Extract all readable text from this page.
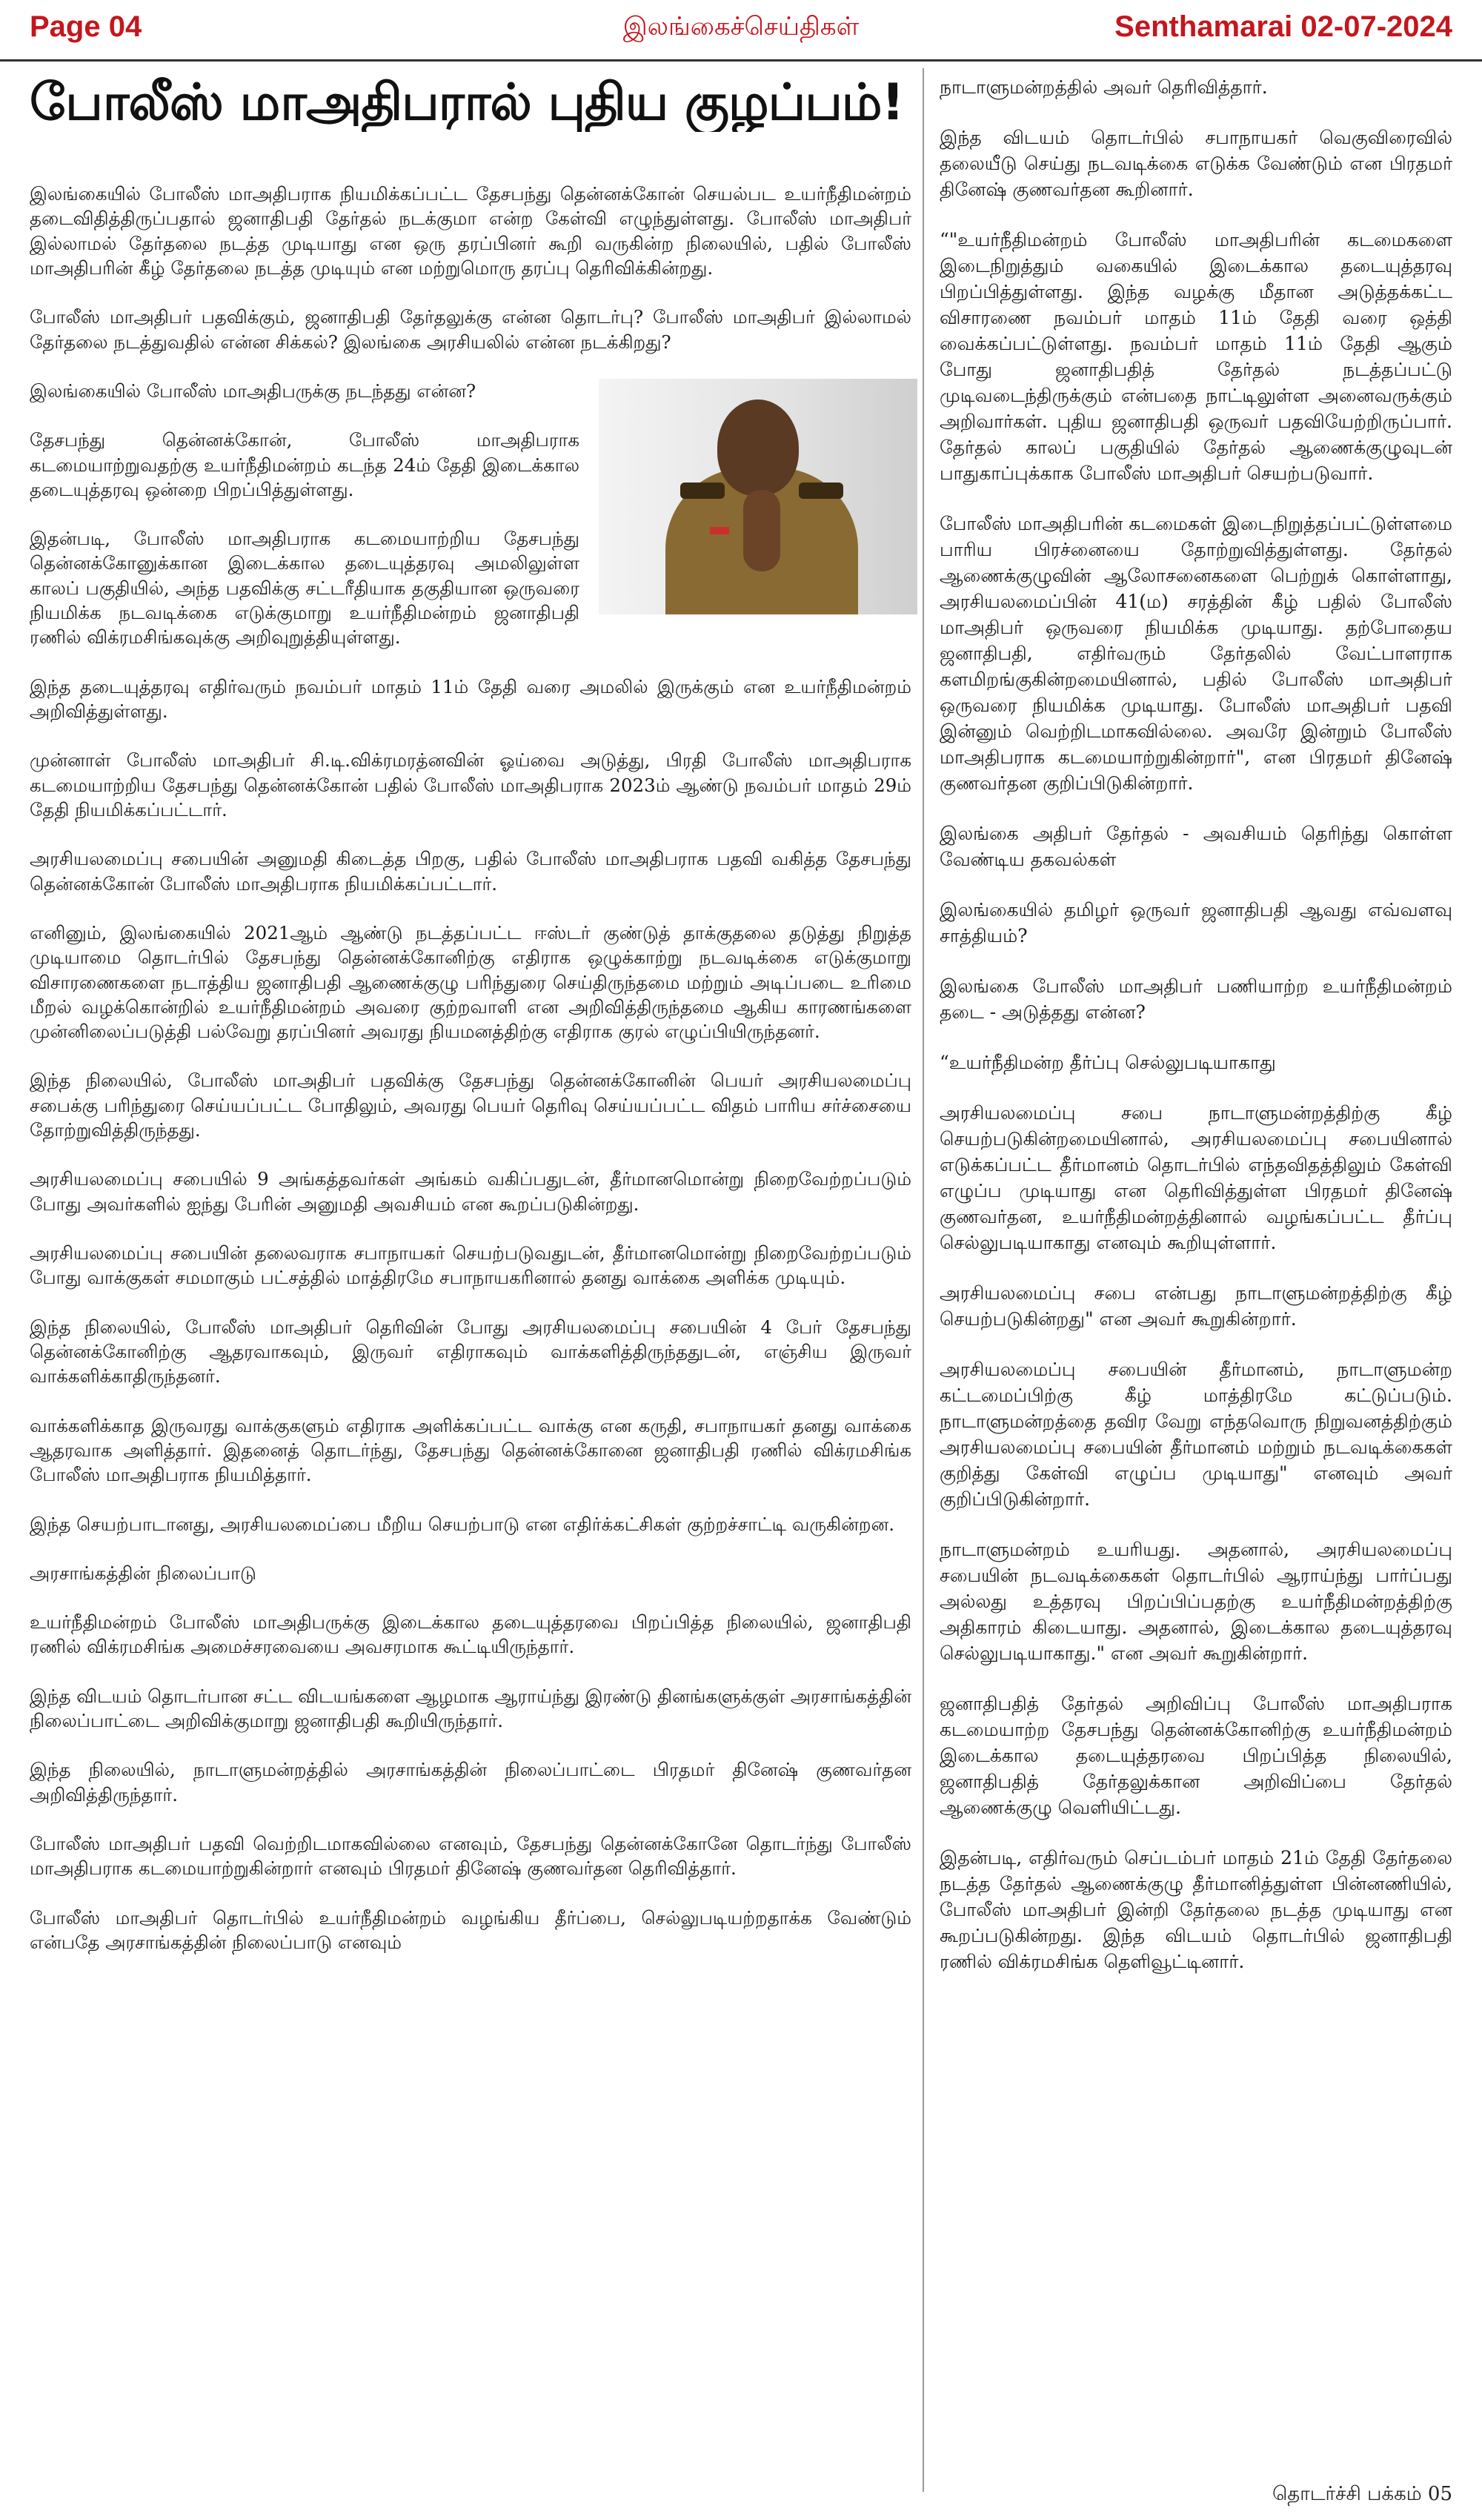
Page 04	இலங்கைச்செய்திகள்	Senthamarai 02-07-2024
போலீஸ் மாஅதிபரால் புதிய குழப்பம்!

இலங்கையில் போலீஸ் மாஅதிபராக நியமிக்கப்பட்ட தேசபந்து தென்னக்கோன் செயல்பட உயர்நீதிமன்றம் தடைவிதித்திருப்பதால் ஜனாதிபதி தேர்தல் நடக்குமா என்ற கேள்வி எழுந்துள்ளது. போலீஸ் மாஅதிபர் இல்லாமல் தேர்தலை நடத்த முடியாது என ஒரு தரப்பினர் கூறி வருகின்ற நிலையில், பதில் போலீஸ் மாஅதிபரின் கீழ் தேர்தலை நடத்த முடியும் என மற்றுமொரு தரப்பு தெரிவிக்கின்றது.

போலீஸ் மாஅதிபர் பதவிக்கும், ஜனாதிபதி தேர்தலுக்கு என்ன தொடர்பு? போலீஸ் மாஅதிபர் இல்லாமல் தேர்தலை நடத்துவதில் என்ன சிக்கல்? இலங்கை அரசியலில் என்ன நடக்கிறது?

இலங்கையில் போலீஸ் மாஅதிபருக்கு நடந்தது என்ன?

தேசபந்து தென்னக்கோன், போலீஸ் மாஅதிபராக கடமையாற்றுவதற்கு உயர்நீதிமன்றம் கடந்த 24ம் தேதி இடைக்கால தடையுத்தரவு ஒன்றை பிறப்பித்துள்ளது.

இதன்படி, போலீஸ் மாஅதிபராக கடமையாற்றிய தேசபந்து தென்னக்கோனுக்கான இடைக்கால தடையுத்தரவு அமலிலுள்ள காலப் பகுதியில், அந்த பதவிக்கு சட்டரீதியாக தகுதியான ஒருவரை நியமிக்க நடவடிக்கை எடுக்குமாறு உயர்நீதிமன்றம் ஜனாதிபதி ரணில் விக்ரமசிங்கவுக்கு அறிவுறுத்தியுள்ளது.

இந்த தடையுத்தரவு எதிர்வரும் நவம்பர் மாதம் 11ம் தேதி வரை அமலில் இருக்கும் என உயர்நீதிமன்றம் அறிவித்துள்ளது.

முன்னாள் போலீஸ் மாஅதிபர் சி.டி.விக்ரமரத்னவின் ஓய்வை அடுத்து, பிரதி போலீஸ் மாஅதிபராக கடமையாற்றிய தேசபந்து தென்னக்கோன் பதில் போலீஸ் மாஅதிபராக 2023ம் ஆண்டு நவம்பர் மாதம் 29ம் தேதி நியமிக்கப்பட்டார்.

அரசியலமைப்பு சபையின் அனுமதி கிடைத்த பிறகு, பதில் போலீஸ் மாஅதிபராக பதவி வகித்த தேசபந்து தென்னக்கோன் போலீஸ் மாஅதிபராக நியமிக்கப்பட்டார்.

எனினும், இலங்கையில் 2021ஆம் ஆண்டு நடத்தப்பட்ட ஈஸ்டர் குண்டுத் தாக்குதலை தடுத்து நிறுத்த முடியாமை தொடர்பில் தேசபந்து தென்னக்கோனிற்கு எதிராக ஒழுக்காற்று நடவடிக்கை எடுக்குமாறு விசாரணைகளை நடாத்திய ஜனாதிபதி ஆணைக்குழு பரிந்துரை செய்திருந்தமை மற்றும் அடிப்படை உரிமை மீறல் வழக்கொன்றில் உயர்நீதிமன்றம் அவரை குற்றவாளி என அறிவித்திருந்தமை ஆகிய காரணங்களை முன்னிலைப்படுத்தி பல்வேறு தரப்பினர் அவரது நியமனத்திற்கு எதிராக குரல் எழுப்பியிருந்தனர்.

இந்த நிலையில், போலீஸ் மாஅதிபர் பதவிக்கு தேசபந்து தென்னக்கோனின் பெயர் அரசியலமைப்பு சபைக்கு பரிந்துரை செய்யப்பட்ட போதிலும், அவரது பெயர் தெரிவு செய்யப்பட்ட விதம் பாரிய சர்ச்சையை தோற்றுவித்திருந்தது.

அரசியலமைப்பு சபையில் 9 அங்கத்தவர்கள் அங்கம் வகிப்பதுடன், தீர்மானமொன்று நிறைவேற்றப்படும் போது அவர்களில் ஐந்து பேரின் அனுமதி அவசியம் என கூறப்படுகின்றது.

அரசியலமைப்பு சபையின் தலைவராக சபாநாயகர் செயற்படுவதுடன், தீர்மானமொன்று நிறைவேற்றப்படும் போது வாக்குகள் சமமாகும் பட்சத்தில் மாத்திரமே சபாநாயகரினால் தனது வாக்கை அளிக்க முடியும்.

இந்த நிலையில், போலீஸ் மாஅதிபர் தெரிவின் போது அரசியலமைப்பு சபையின் 4 பேர் தேசபந்து தென்னக்கோனிற்கு ஆதரவாகவும், இருவர் எதிராகவும் வாக்களித்திருந்ததுடன், எஞ்சிய இருவர் வாக்களிக்காதிருந்தனர்.

வாக்களிக்காத இருவரது வாக்குகளும் எதிராக அளிக்கப்பட்ட வாக்கு என கருதி, சபாநாயகர் தனது வாக்கை ஆதரவாக அளித்தார். இதனைத் தொடர்ந்து, தேசபந்து தென்னக்கோனை ஜனாதிபதி ரணில் விக்ரமசிங்க போலீஸ் மாஅதிபராக நியமித்தார்.

இந்த செயற்பாடானது, அரசியலமைப்பை மீறிய செயற்பாடு என எதிர்க்கட்சிகள் குற்றச்சாட்டி வருகின்றன.

அரசாங்கத்தின் நிலைப்பாடு

உயர்நீதிமன்றம் போலீஸ் மாஅதிபருக்கு இடைக்கால தடையுத்தரவை பிறப்பித்த நிலையில், ஜனாதிபதி ரணில் விக்ரமசிங்க அமைச்சரவையை அவசரமாக கூட்டியிருந்தார்.

இந்த விடயம் தொடர்பான சட்ட விடயங்களை ஆழமாக ஆராய்ந்து இரண்டு தினங்களுக்குள் அரசாங்கத்தின் நிலைப்பாட்டை அறிவிக்குமாறு ஜனாதிபதி கூறியிருந்தார்.

இந்த நிலையில், நாடாளுமன்றத்தில் அரசாங்கத்தின் நிலைப்பாட்டை பிரதமர் தினேஷ் குணவர்தன அறிவித்திருந்தார்.

போலீஸ் மாஅதிபர் பதவி வெற்றிடமாகவில்லை எனவும், தேசபந்து தென்னக்கோனே தொடர்ந்து போலீஸ் மாஅதிபராக கடமையாற்றுகின்றார் எனவும் பிரதமர் தினேஷ் குணவர்தன தெரிவித்தார்.

போலீஸ் மாஅதிபர் தொடர்பில் உயர்நீதிமன்றம் வழங்கிய தீர்ப்பை, செல்லுபடியற்றதாக்க வேண்டும் என்பதே அரசாங்கத்தின் நிலைப்பாடு எனவும்

நாடாளுமன்றத்தில் அவர் தெரிவித்தார்.

இந்த விடயம் தொடர்பில் சபாநாயகர் வெகுவிரைவில் தலையீடு செய்து நடவடிக்கை எடுக்க வேண்டும் என பிரதமர் தினேஷ் குணவர்தன கூறினார்.

“"உயர்நீதிமன்றம் போலீஸ் மாஅதிபரின் கடமைகளை இடைநிறுத்தும் வகையில் இடைக்கால தடையுத்தரவு பிறப்பித்துள்ளது. இந்த வழக்கு மீதான அடுத்தக்கட்ட விசாரணை நவம்பர் மாதம் 11ம் தேதி வரை ஒத்தி வைக்கப்பட்டுள்ளது. நவம்பர் மாதம் 11ம் தேதி ஆகும் போது ஜனாதிபதித் தேர்தல் நடத்தப்பட்டு முடிவடைந்திருக்கும் என்பதை நாட்டிலுள்ள அனைவருக்கும் அறிவார்கள். புதிய ஜனாதிபதி ஒருவர் பதவியேற்றிருப்பார். தேர்தல் காலப் பகுதியில் தேர்தல் ஆணைக்குழுவுடன் பாதுகாப்புக்காக போலீஸ் மாஅதிபர் செயற்படுவார்.

போலீஸ் மாஅதிபரின் கடமைகள் இடைநிறுத்தப்பட்டுள்ளமை பாரிய பிரச்னையை தோற்றுவித்துள்ளது. தேர்தல் ஆணைக்குழுவின் ஆலோசனைகளை பெற்றுக் கொள்ளாது, அரசியலமைப்பின் 41(ம) சரத்தின் கீழ் பதில் போலீஸ் மாஅதிபர் ஒருவரை நியமிக்க முடியாது. தற்போதைய ஜனாதிபதி, எதிர்வரும் தேர்தலில் வேட்பாளராக களமிறங்குகின்றமையினால், பதில் போலீஸ் மாஅதிபர் ஒருவரை நியமிக்க முடியாது. போலீஸ் மாஅதிபர் பதவி இன்னும் வெற்றிடமாகவில்லை. அவரே இன்றும் போலீஸ் மாஅதிபராக கடமையாற்றுகின்றார்", என பிரதமர் தினேஷ் குணவர்தன குறிப்பிடுகின்றார்.

இலங்கை அதிபர் தேர்தல் - அவசியம் தெரிந்து கொள்ள வேண்டிய தகவல்கள்

இலங்கையில் தமிழர் ஒருவர் ஜனாதிபதி ஆவது எவ்வளவு சாத்தியம்?

இலங்கை போலீஸ் மாஅதிபர் பணியாற்ற உயர்நீதிமன்றம் தடை - அடுத்தது என்ன?

“உயர்நீதிமன்ற தீர்ப்பு செல்லுபடியாகாது

அரசியலமைப்பு சபை நாடாளுமன்றத்திற்கு கீழ் செயற்படுகின்றமையினால், அரசியலமைப்பு சபையினால் எடுக்கப்பட்ட தீர்மானம் தொடர்பில் எந்தவிதத்திலும் கேள்வி எழுப்ப முடியாது என தெரிவித்துள்ள பிரதமர் தினேஷ் குணவர்தன, உயர்நீதிமன்றத்தினால் வழங்கப்பட்ட தீர்ப்பு செல்லுபடியாகாது எனவும் கூறியுள்ளார்.

அரசியலமைப்பு சபை என்பது நாடாளுமன்றத்திற்கு கீழ் செயற்படுகின்றது" என அவர் கூறுகின்றார்.

அரசியலமைப்பு சபையின் தீர்மானம், நாடாளுமன்ற கட்டமைப்பிற்கு கீழ் மாத்திரமே கட்டுப்படும். நாடாளுமன்றத்தை தவிர வேறு எந்தவொரு நிறுவனத்திற்கும் அரசியலமைப்பு சபையின் தீர்மானம் மற்றும் நடவடிக்கைகள் குறித்து கேள்வி எழுப்ப முடியாது" எனவும் அவர் குறிப்பிடுகின்றார்.

நாடாளுமன்றம் உயரியது. அதனால், அரசியலமைப்பு சபையின் நடவடிக்கைகள் தொடர்பில் ஆராய்ந்து பார்ப்பது அல்லது உத்தரவு பிறப்பிப்பதற்கு உயர்நீதிமன்றத்திற்கு அதிகாரம் கிடையாது. அதனால், இடைக்கால தடையுத்தரவு செல்லுபடியாகாது." என அவர் கூறுகின்றார்.

ஜனாதிபதித் தேர்தல் அறிவிப்பு போலீஸ் மாஅதிபராக கடமையாற்ற தேசபந்து தென்னக்கோனிற்கு உயர்நீதிமன்றம் இடைக்கால தடையுத்தரவை பிறப்பித்த நிலையில், ஜனாதிபதித் தேர்தலுக்கான அறிவிப்பை தேர்தல் ஆணைக்குழு வெளியிட்டது.

இதன்படி, எதிர்வரும் செப்டம்பர் மாதம் 21ம் தேதி தேர்தலை நடத்த தேர்தல் ஆணைக்குழு தீர்மானித்துள்ள பின்னணியில், போலீஸ் மாஅதிபர் இன்றி தேர்தலை நடத்த முடியாது என கூறப்படுகின்றது. இந்த விடயம் தொடர்பில் ஜனாதிபதி ரணில் விக்ரமசிங்க தெளிவூட்டினார்.

தொடர்ச்சி பக்கம் 05
